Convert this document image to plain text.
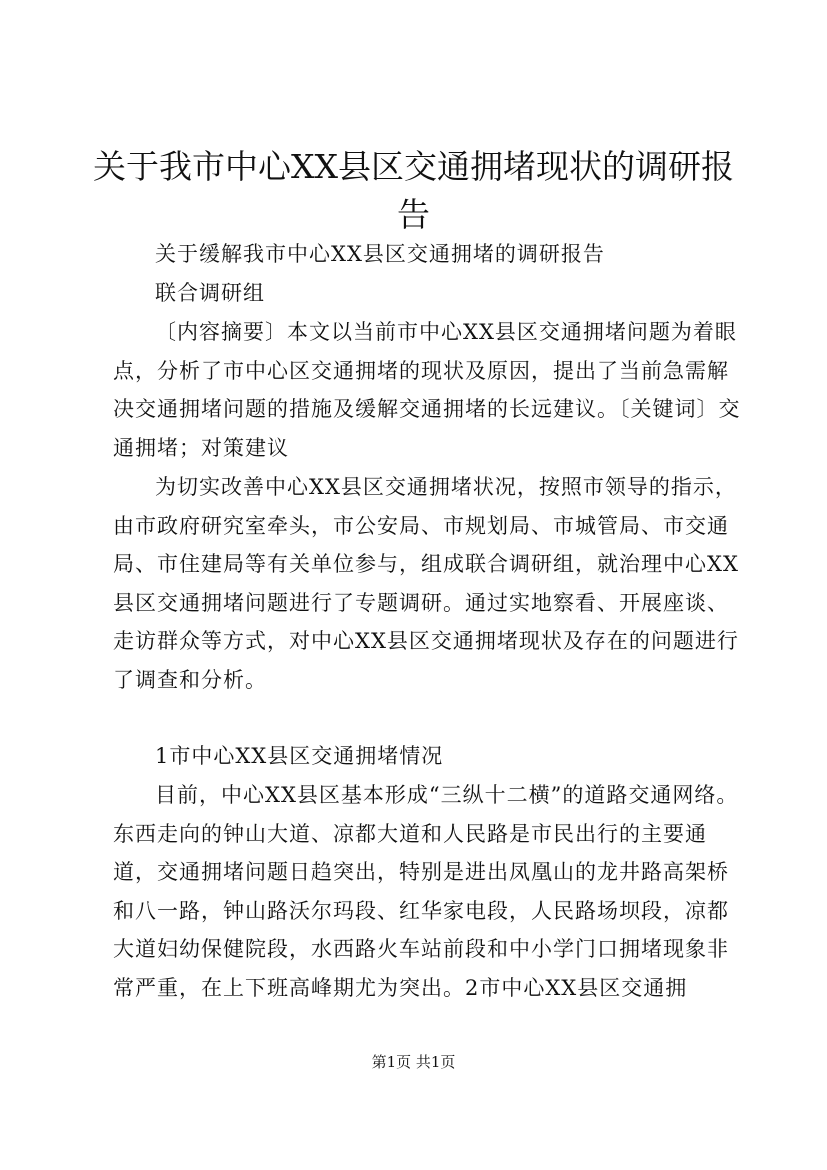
关于我市中心XX县区交通拥堵现状的调研报
告

关于缓解我市中心XX县区交通拥堵的调研报告

联合调研组

〔内容摘要〕本文以当前市中心XX县区交通拥堵问题为着眼点，分析了市中心区交通拥堵的现状及原因，提出了当前急需解决交通拥堵问题的措施及缓解交通拥堵的长远建议。〔关键词〕交通拥堵；对策建议

为切实改善中心XX县区交通拥堵状况，按照市领导的指示，由市政府研究室牵头，市公安局、市规划局、市城管局、市交通局、市住建局等有关单位参与，组成联合调研组，就治理中心XX县区交通拥堵问题进行了专题调研。通过实地察看、开展座谈、走访群众等方式，对中心XX县区交通拥堵现状及存在的问题进行了调查和分析。

1市中心XX县区交通拥堵情况

目前，中心XX县区基本形成“三纵十二横”的道路交通网络。东西走向的钟山大道、凉都大道和人民路是市民出行的主要通道，交通拥堵问题日趋突出，特别是进出凤凰山的龙井路高架桥和八一路，钟山路沃尔玛段、红华家电段，人民路场坝段，凉都大道妇幼保健院段，水西路火车站前段和中小学门口拥堵现象非常严重，在上下班高峰期尤为突出。2市中心XX县区交通拥

第1页 共1页
